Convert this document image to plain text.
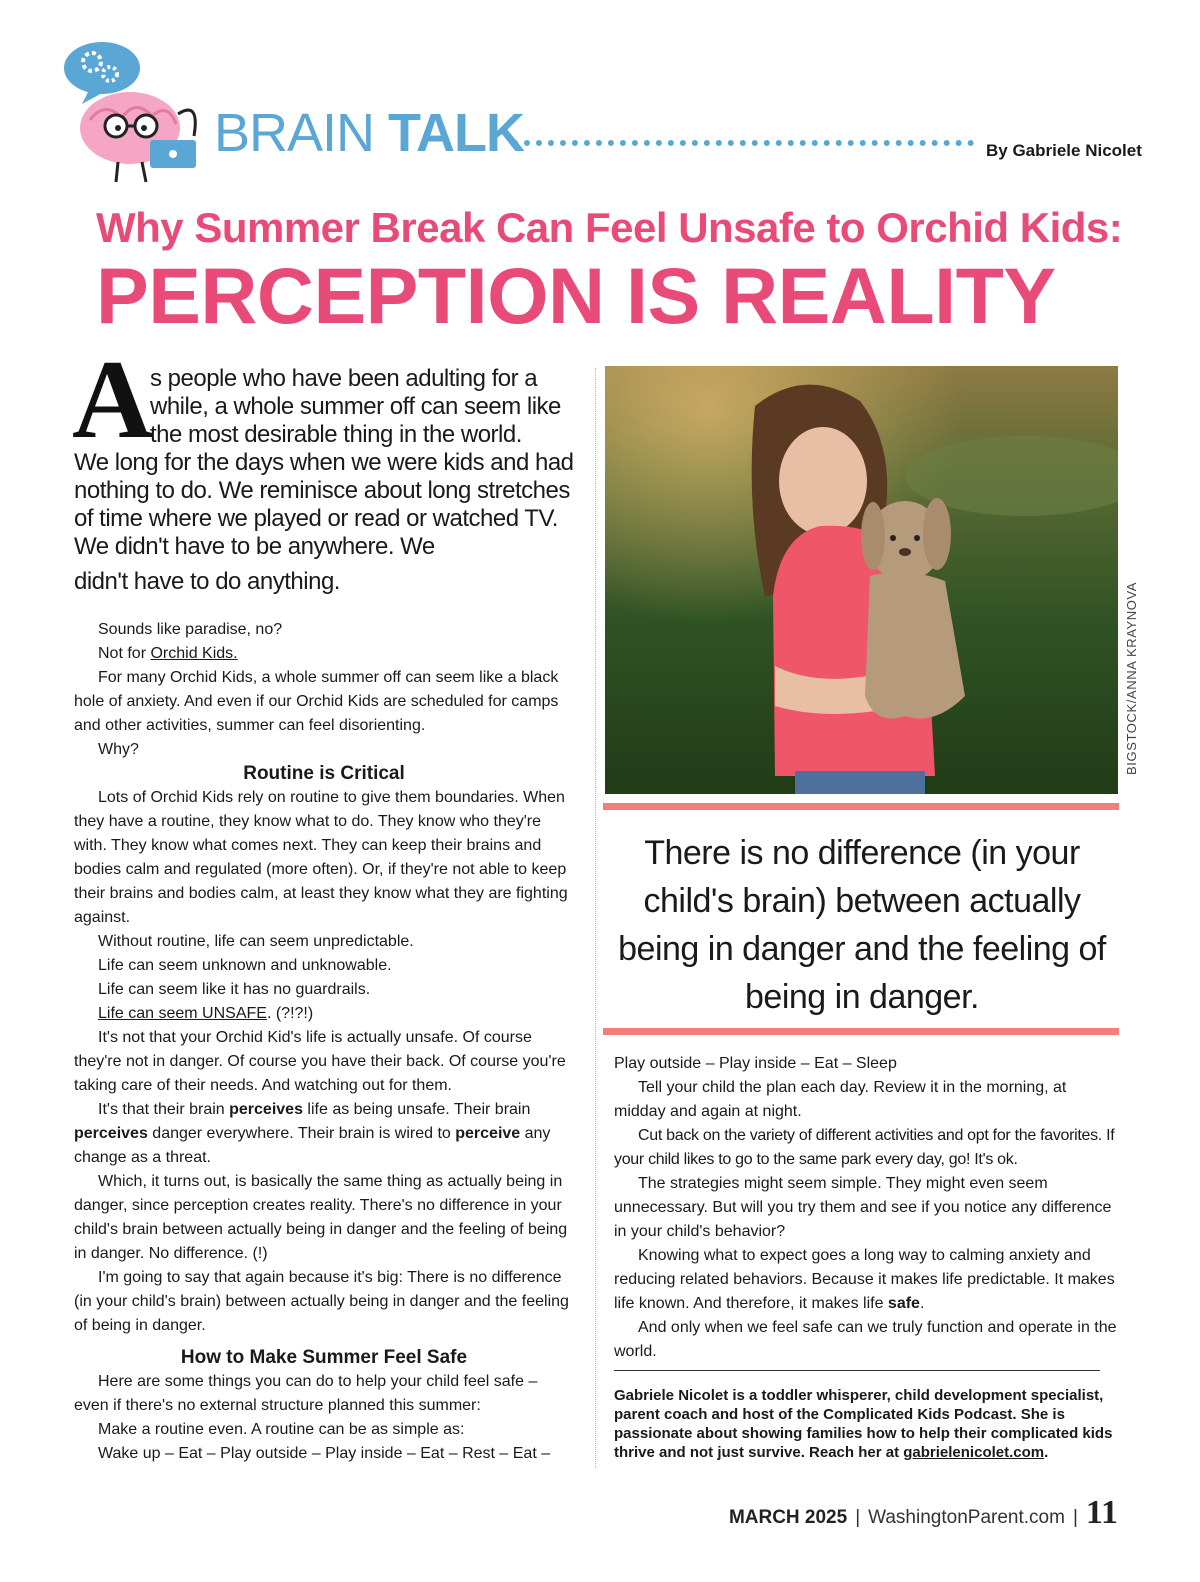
BRAIN TALK	By Gabriele Nicolet
Why Summer Break Can Feel Unsafe to Orchid Kids:
PERCEPTION IS REALITY
A
s people who have been adulting for a while, a whole summer off can seem like the most desirable thing in the world.
We long for the days when we were kids and had nothing to do. We reminisce about long stretches of time where we played or read or watched TV. We didn't have to be anywhere. We
didn't have to do anything.

Sounds like paradise, no?

Not for Orchid Kids.

For many Orchid Kids, a whole summer off can seem like a black hole of anxiety. And even if our Orchid Kids are scheduled for camps and other activities, summer can feel disorienting.

Why?

Routine is Critical

Lots of Orchid Kids rely on routine to give them boundaries. When they have a routine, they know what to do. They know who they're with. They know what comes next. They can keep their brains and bodies calm and regulated (more often). Or, if they're not able to keep their brains and bodies calm, at least they know what they are fighting against.

Without routine, life can seem unpredictable.

Life can seem unknown and unknowable.

Life can seem like it has no guardrails.

Life can seem UNSAFE. (?!?!)

It's not that your Orchid Kid's life is actually unsafe. Of course they're not in danger. Of course you have their back. Of course you're taking care of their needs. And watching out for them.

It's that their brain perceives life as being unsafe. Their brain perceives danger everywhere. Their brain is wired to perceive any change as a threat.

Which, it turns out, is basically the same thing as actually being in danger, since perception creates reality. There's no difference in your child's brain between actually being in danger and the feeling of being in danger. No difference. (!)

I'm going to say that again because it's big: There is no difference (in your child's brain) between actually being in danger and the feeling of being in danger.

How to Make Summer Feel Safe

Here are some things you can do to help your child feel safe – even if there's no external structure planned this summer:

Make a routine even. A routine can be as simple as:

Wake up – Eat – Play outside – Play inside – Eat – Rest – Eat –

BIGSTOCK/ANNA KRAYNOVA
There is no difference (in your child's brain) between actually being in danger and the feeling of being in danger.

Play outside – Play inside – Eat – Sleep

Tell your child the plan each day. Review it in the morning, at midday and again at night.

Cut back on the variety of different activities and opt for the favorites. If your child likes to go to the same park every day, go! It's ok.

The strategies might seem simple. They might even seem unnecessary. But will you try them and see if you notice any difference in your child's behavior?

Knowing what to expect goes a long way to calming anxiety and reducing related behaviors. Because it makes life predictable. It makes life known. And therefore, it makes life safe.

And only when we feel safe can we truly function and operate in the world.

Gabriele Nicolet is a toddler whisperer, child development specialist, parent coach and host of the Complicated Kids Podcast. She is passionate about showing families how to help their complicated kids thrive and not just survive. Reach her at gabrielenicolet.com.
MARCH 2025 | WashingtonParent.com | 11
